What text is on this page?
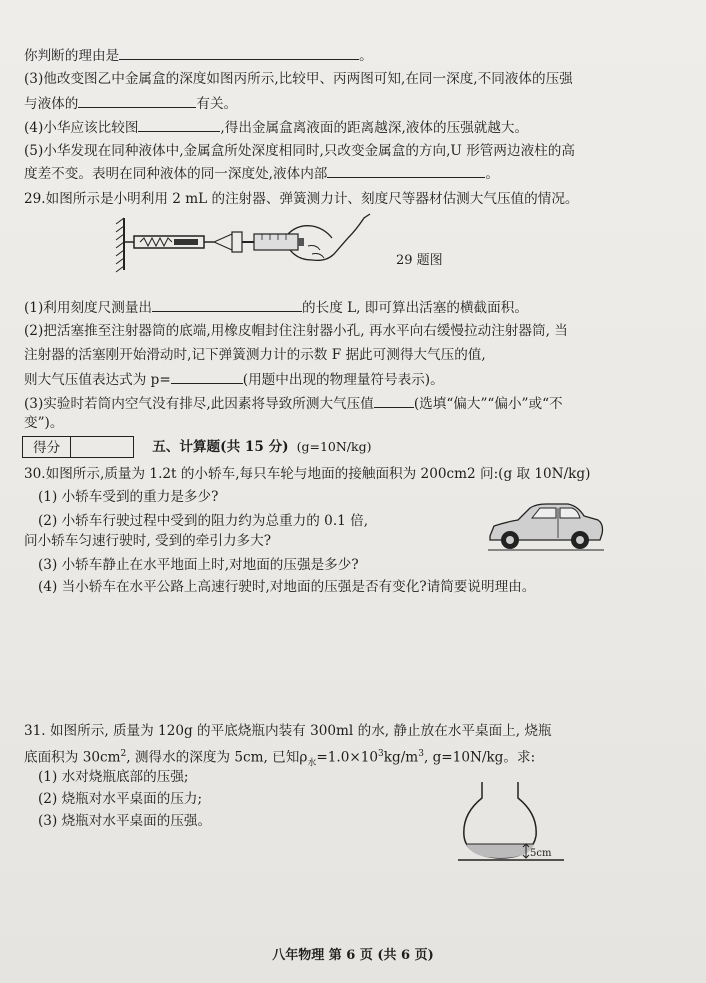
你判断的理由是	。
(3)他改变图乙中金属盒的深度如图丙所示,比较甲、丙两图可知,在同一深度,不同液体的压强
与液体的	有关。
(4)小华应该比较图	,得出金属盒离液面的距离越深,液体的压强就越大。
(5)小华发现在同种液体中,金属盒所处深度相同时,只改变金属盒的方向,U 形管两边液柱的高
度差不变。表明在同种液体的同一深度处,液体内部	。
29.如图所示是小明利用 2 mL 的注射器、弹簧测力计、刻度尺等器材估测大气压值的情况。
29 题图
(1)利用刻度尺测量出	的长度 L, 即可算出活塞的横截面积。
(2)把活塞推至注射器筒的底端,用橡皮帽封住注射器小孔, 再水平向右缓慢拉动注射器筒, 当
注射器的活塞刚开始滑动时,记下弹簧测力计的示数 F 据此可测得大气压的值,
则大气压值表达式为 p=	(用题中出现的物理量符号表示)。
(3)实验时若筒内空气没有排尽,此因素将导致所测大气压值	(选填“偏大”“偏小”或“不
变”)。
得分	五、计算题(共 15 分) (g=10N/kg)
30.如图所示,质量为 1.2t 的小轿车,每只车轮与地面的接触面积为 200cm2 问:(g 取 10N/kg)
(1) 小轿车受到的重力是多少?
(2) 小轿车行驶过程中受到的阻力约为总重力的 0.1 倍,
问小轿车匀速行驶时, 受到的牵引力多大?
(3) 小轿车静止在水平地面上时,对地面的压强是多少?
(4) 当小轿车在水平公路上高速行驶时,对地面的压强是否有变化?请简要说明理由。
31. 如图所示, 质量为 120g 的平底烧瓶内装有 300ml 的水, 静止放在水平桌面上, 烧瓶
底面积为 $30cm^2$, 测得水的深度为 5cm, 已知$\rho_水=1.0\times 10^3kg/m^3$, g=10N/kg。求:
(1) 水对烧瓶底部的压强;
(2) 烧瓶对水平桌面的压力;
(3) 烧瓶对水平桌面的压强。
5cm
八年物理 第 6 页 (共 6 页)
